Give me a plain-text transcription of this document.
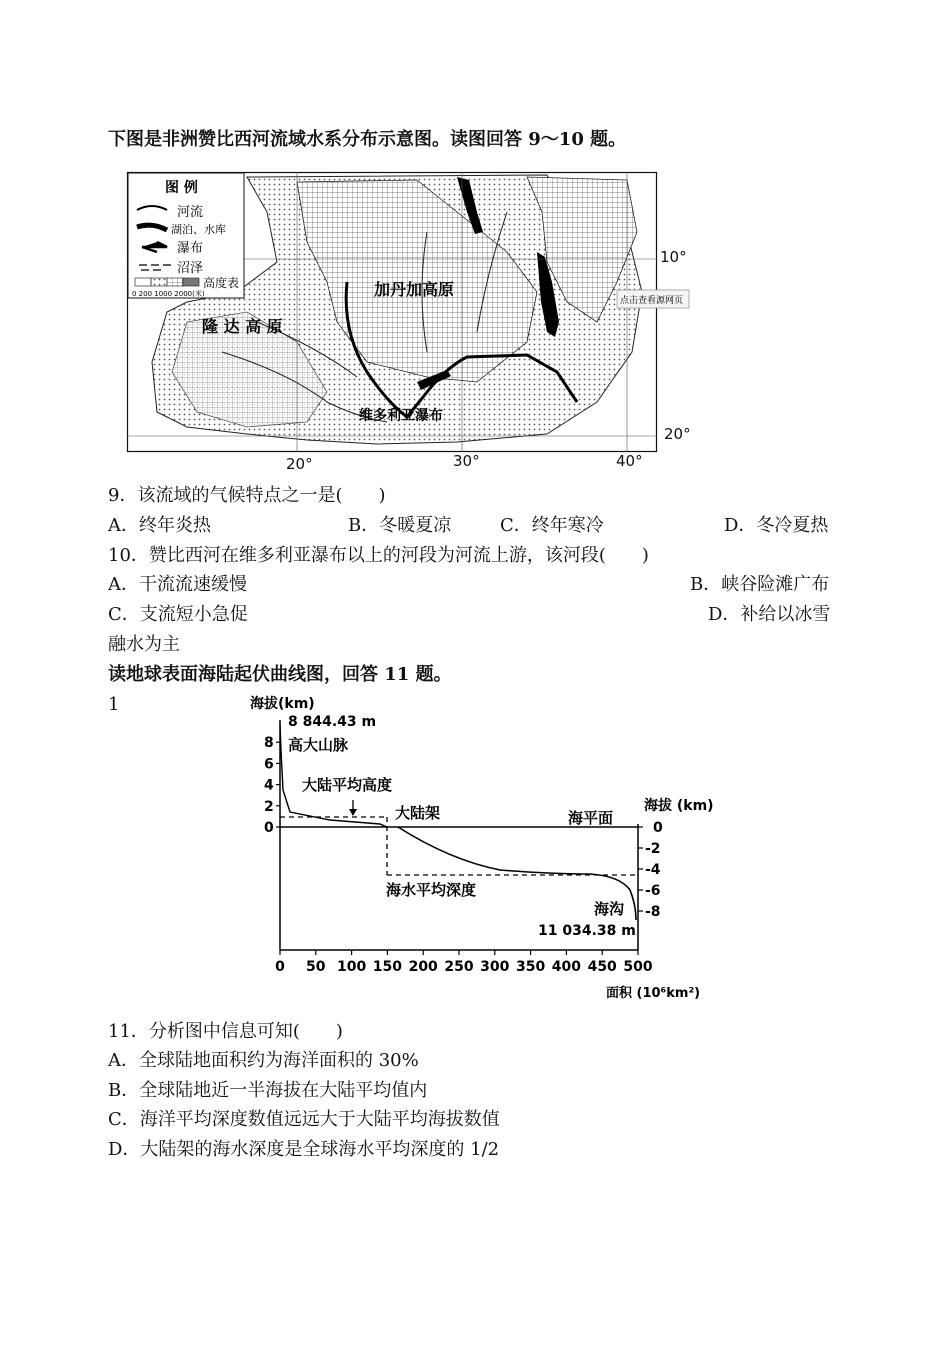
下图是非洲赞比西河流域水系分布示意图。读图回答 9～10 题。
图 例
河流
湖泊、水库
瀑布
沼泽
高度表
0 200 1000 2000(米)	加丹加高原
隆 达 高 原
维多利亚瀑布
点击查看源网页
10°
20°
20°	30°	40°
9．该流域的气候特点之一是(　　)
A．终年炎热	B．冬暖夏凉	C．终年寒冷	D．冬冷夏热
10．赞比西河在维多利亚瀑布以上的河段为河流上游，该河段(　　)
A．干流流速缓慢	B．峡谷险滩广布
C．支流短小急促	D．补给以冰雪
融水为主
读地球表面海陆起伏曲线图，回答 11 题。
1
8
6
4
2
0	0
-2
-4
-6
-8
0 50 100 150 200 250 300 350 400 450 500
海拔(km)
8 844.43 m
高大山脉
大陆平均高度
大陆架	海平面
海拔 (km)
海水平均深度
海沟
11 034.38 m
面积 (10⁶km²)
11．分析图中信息可知(　　)
A．全球陆地面积约为海洋面积的 30%
B．全球陆地近一半海拔在大陆平均值内
C．海洋平均深度数值远远大于大陆平均海拔数值
D．大陆架的海水深度是全球海水平均深度的 1/2
